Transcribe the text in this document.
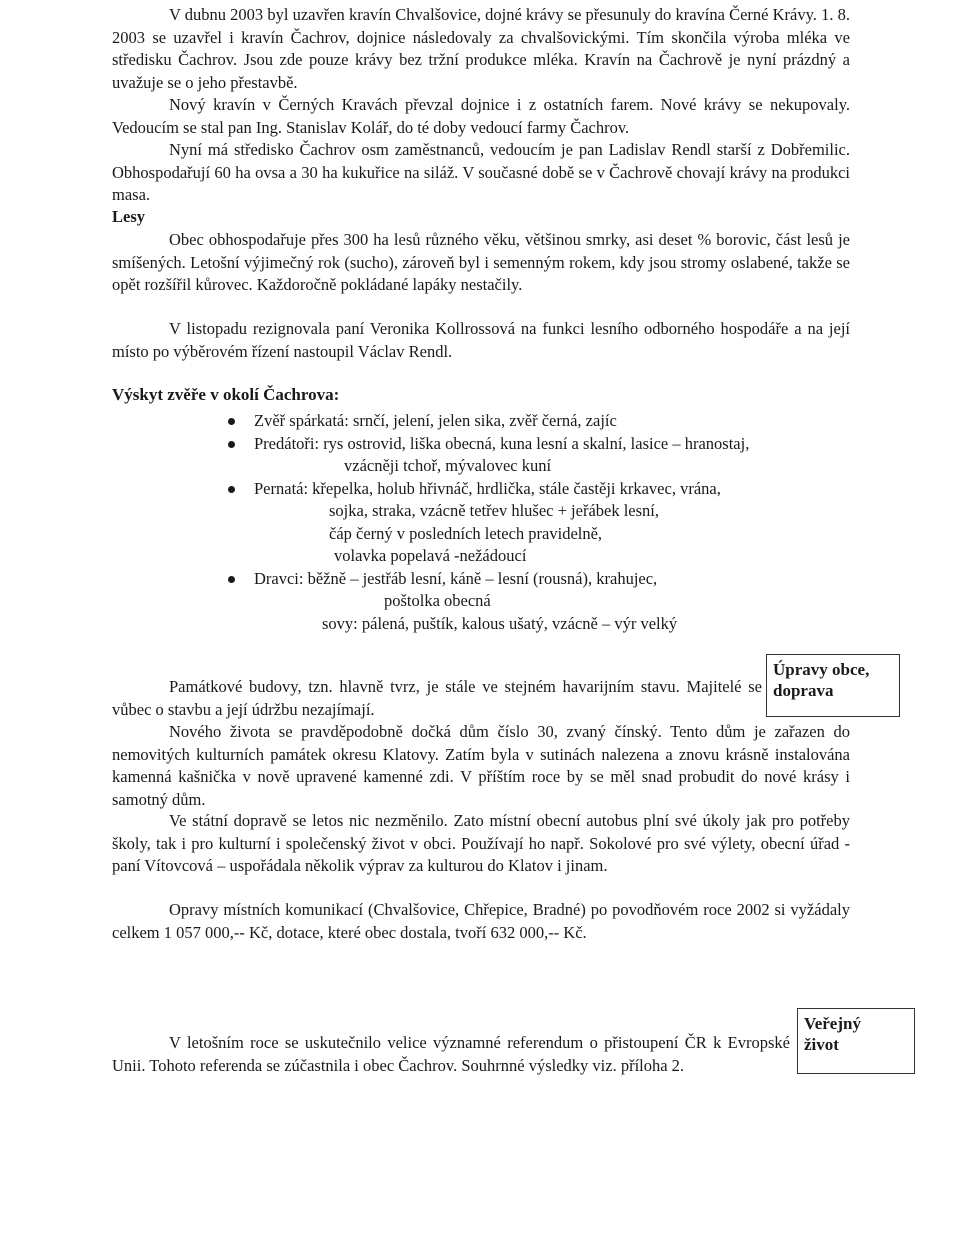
V dubnu 2003 byl uzavřen kravín Chvalšovice, dojné krávy se přesunuly do kravína Černé Krávy. 1. 8. 2003 se uzavřel i kravín Čachrov, dojnice následovaly za chvalšovickými. Tím skončila výroba mléka ve středisku Čachrov. Jsou zde pouze krávy bez tržní produkce mléka. Kravín na Čachrově je nyní prázdný a uvažuje se o jeho přestavbě.

Nový kravín v Černých Kravách převzal dojnice i z ostatních farem. Nové krávy se nekupovaly. Vedoucím se stal pan Ing. Stanislav Kolář, do té doby vedoucí farmy Čachrov.

Nyní má středisko Čachrov osm zaměstnanců, vedoucím je pan Ladislav Rendl starší z Dobřemilic. Obhospodařují 60 ha ovsa a 30 ha kukuřice na siláž. V současné době se v Čachrově chovají krávy na produkci masa.

Lesy

Obec obhospodařuje přes 300 ha lesů různého věku, většinou smrky, asi deset % borovic, část lesů je smíšených. Letošní výjimečný rok (sucho), zároveň byl i semenným rokem, kdy jsou stromy oslabené, takže se opět rozšířil kůrovec. Každoročně pokládané lapáky nestačily.

V listopadu rezignovala paní Veronika Kollrossová na funkci lesního odborného hospodáře a na její místo po výběrovém řízení nastoupil Václav Rendl.

Výskyt zvěře v okolí Čachrova:
Zvěř spárkatá: srnčí, jelení, jelen sika, zvěř černá, zajíc
Predátoři: rys ostrovid, liška obecná, kuna lesní a skalní, lasice – hranostaj,
vzácněji tchoř, mývalovec kuní
Pernatá: křepelka, holub hřivnáč, hrdlička, stále častěji krkavec, vrána,
sojka, straka, vzácně tetřev hlušec + jeřábek lesní,
čáp černý v posledních letech pravidelně,
volavka popelavá -nežádoucí
Dravci: běžně – jestřáb lesní, káně – lesní (rousná), krahujec,
poštolka obecná
sovy: pálená, puštík, kalous ušatý, vzácně – výr velký
Úpravy obce,
doprava

Památkové budovy, tzn. hlavně tvrz, je stále ve stejném havarijním stavu. Majitelé se vůbec o stavbu a její údržbu nezajímají.

Nového života se pravděpodobně dočká dům číslo 30, zvaný čínský. Tento dům je zařazen do nemovitých kulturních památek okresu Klatovy. Zatím byla v sutinách nalezena a znovu krásně instalována kamenná kašnička v nově upravené kamenné zdi. V příštím roce by se měl snad probudit do nové krásy i samotný dům.

Ve státní dopravě se letos nic nezměnilo. Zato místní obecní autobus plní své úkoly jak pro potřeby školy, tak i pro kulturní i společenský život v obci. Používají ho např. Sokolové pro své výlety, obecní úřad -paní Vítovcová – uspořádala několik výprav za kulturou do Klatov i jinam.

Opravy místních komunikací (Chvalšovice, Chřepice, Bradné) po povodňovém roce 2002 si vyžádaly celkem 1 057 000,-- Kč, dotace, které obec dostala, tvoří 632 000,-- Kč.

Veřejný
život

V letošním roce se uskutečnilo velice významné referendum o přistoupení ČR k Evropské Unii. Tohoto referenda se zúčastnila i obec Čachrov. Souhrnné výsledky viz. příloha 2.
